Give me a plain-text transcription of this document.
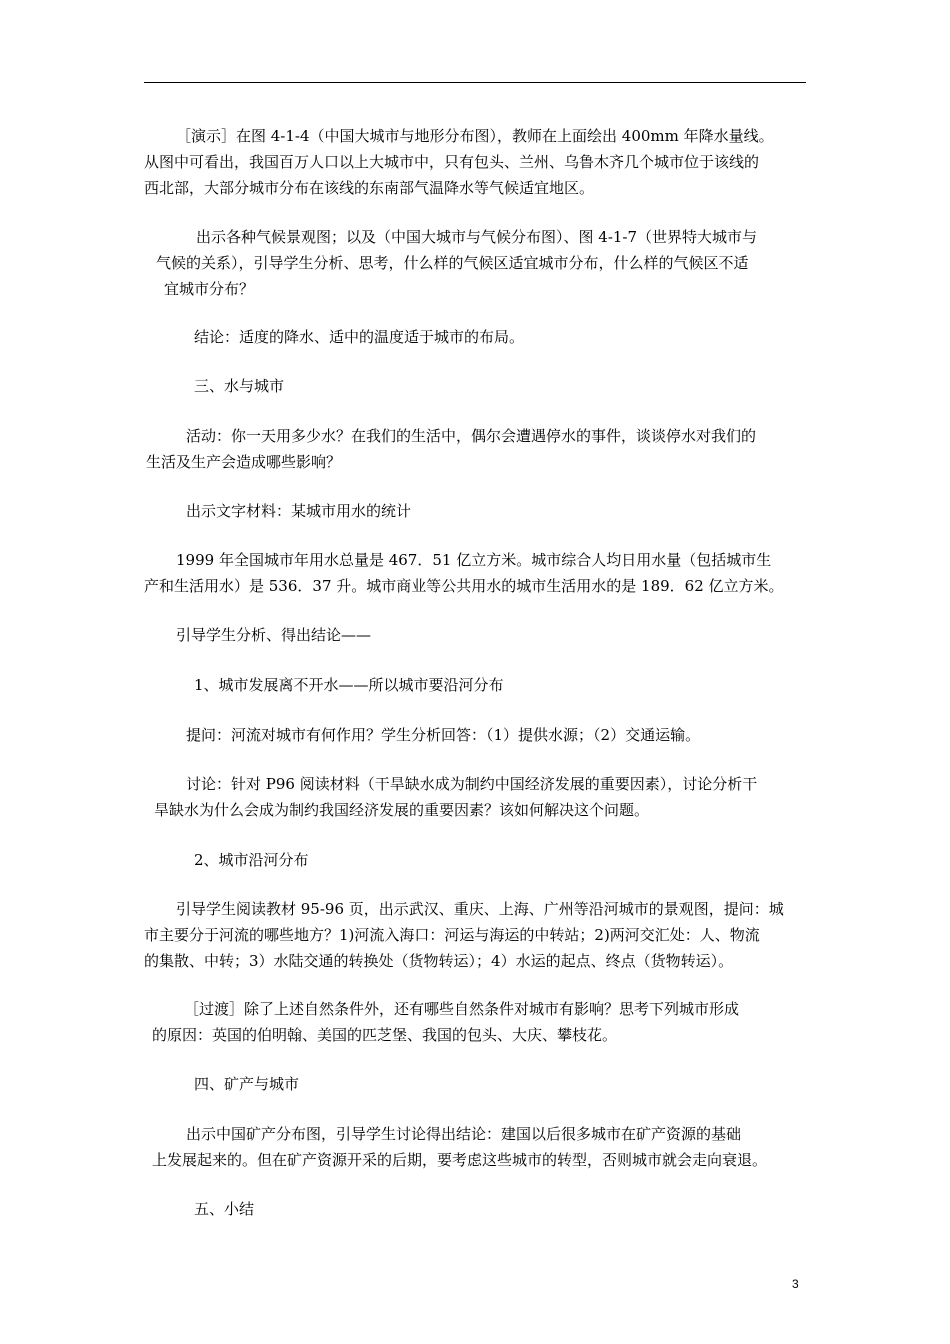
［演示］在图 4-1-4（中国大城市与地形分布图），教师在上面绘出 400mm 年降水量线。
从图中可看出，我国百万人口以上大城市中，只有包头、兰州、乌鲁木齐几个城市位于该线的
西北部，大部分城市分布在该线的东南部气温降水等气候适宜地区。
出示各种气候景观图；以及（中国大城市与气候分布图）、图 4-1-7（世界特大城市与
气候的关系），引导学生分析、思考，什么样的气候区适宜城市分布，什么样的气候区不适
宜城市分布？
结论：适度的降水、适中的温度适于城市的布局。
三、水与城市
活动：你一天用多少水？在我们的生活中，偶尔会遭遇停水的事件，谈谈停水对我们的
生活及生产会造成哪些影响？
出示文字材料：某城市用水的统计
1999 年全国城市年用水总量是 467．51 亿立方米。城市综合人均日用水量（包括城市生
产和生活用水）是 536．37 升。城市商业等公共用水的城市生活用水的是 189．62 亿立方米。
引导学生分析、得出结论——
1、城市发展离不开水——所以城市要沿河分布
提问：河流对城市有何作用？学生分析回答：（1）提供水源；（2）交通运输。
讨论：针对 P96 阅读材料（干旱缺水成为制约中国经济发展的重要因素），讨论分析干
旱缺水为什么会成为制约我国经济发展的重要因素？该如何解决这个问题。
2、城市沿河分布
引导学生阅读教材 95-96 页，出示武汉、重庆、上海、广州等沿河城市的景观图，提问：城
市主要分于河流的哪些地方？1)河流入海口：河运与海运的中转站；2)两河交汇处：人、物流
的集散、中转；3）水陆交通的转换处（货物转运）；4）水运的起点、终点（货物转运）。
［过渡］除了上述自然条件外，还有哪些自然条件对城市有影响？思考下列城市形成
的原因：英国的伯明翰、美国的匹芝堡、我国的包头、大庆、攀枝花。
四、矿产与城市
出示中国矿产分布图，引导学生讨论得出结论：建国以后很多城市在矿产资源的基础
上发展起来的。但在矿产资源开采的后期，要考虑这些城市的转型，否则城市就会走向衰退。
五、小结
3
